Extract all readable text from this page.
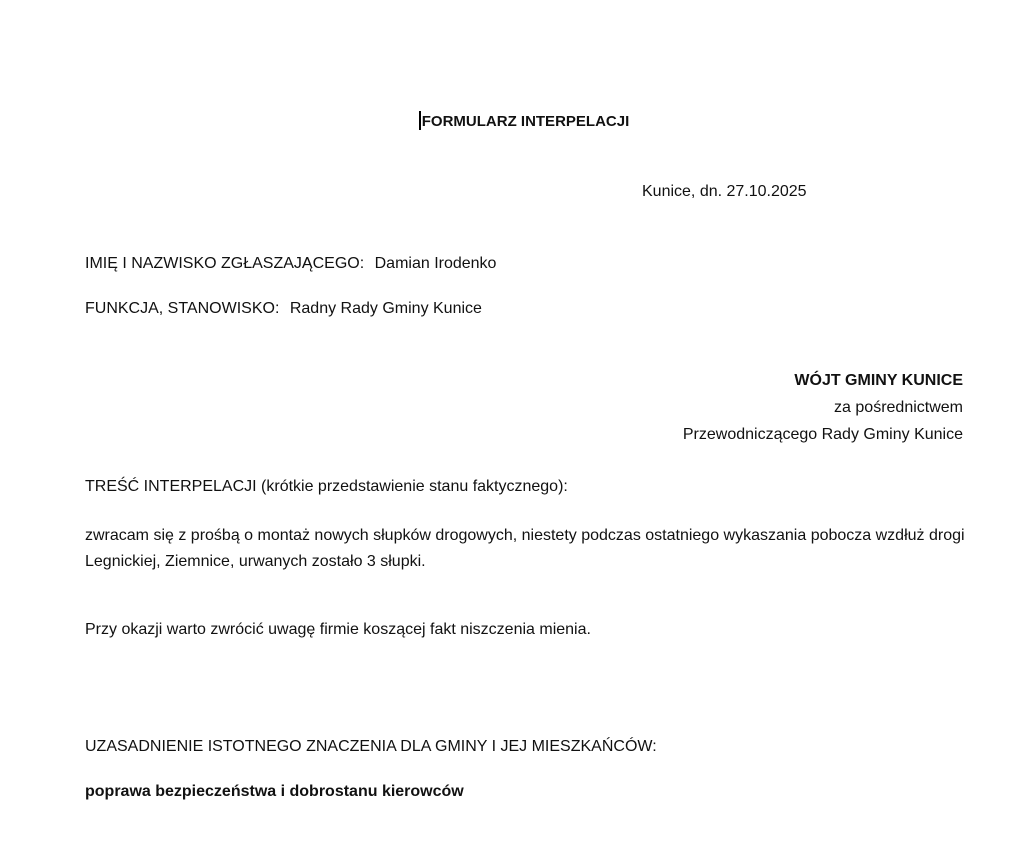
FORMULARZ INTERPELACJI
Kunice, dn. 27.10.2025
IMIĘ I NAZWISKO ZGŁASZAJĄCEGO: Damian Irodenko
FUNKCJA, STANOWISKO: Radny Rady Gminy Kunice
WÓJT GMINY KUNICE
za pośrednictwem
Przewodniczącego Rady Gminy Kunice
TREŚĆ INTERPELACJI (krótkie przedstawienie stanu faktycznego):
zwracam się z prośbą o montaż nowych słupków drogowych, niestety podczas ostatniego wykaszania pobocza wzdłuż drogi Legnickiej, Ziemnice, urwanych zostało 3 słupki.
Przy okazji warto zwrócić uwagę firmie koszącej fakt niszczenia mienia.
UZASADNIENIE ISTOTNEGO ZNACZENIA DLA GMINY I JEJ MIESZKAŃCÓW:
poprawa bezpieczeństwa i dobrostanu kierowców
